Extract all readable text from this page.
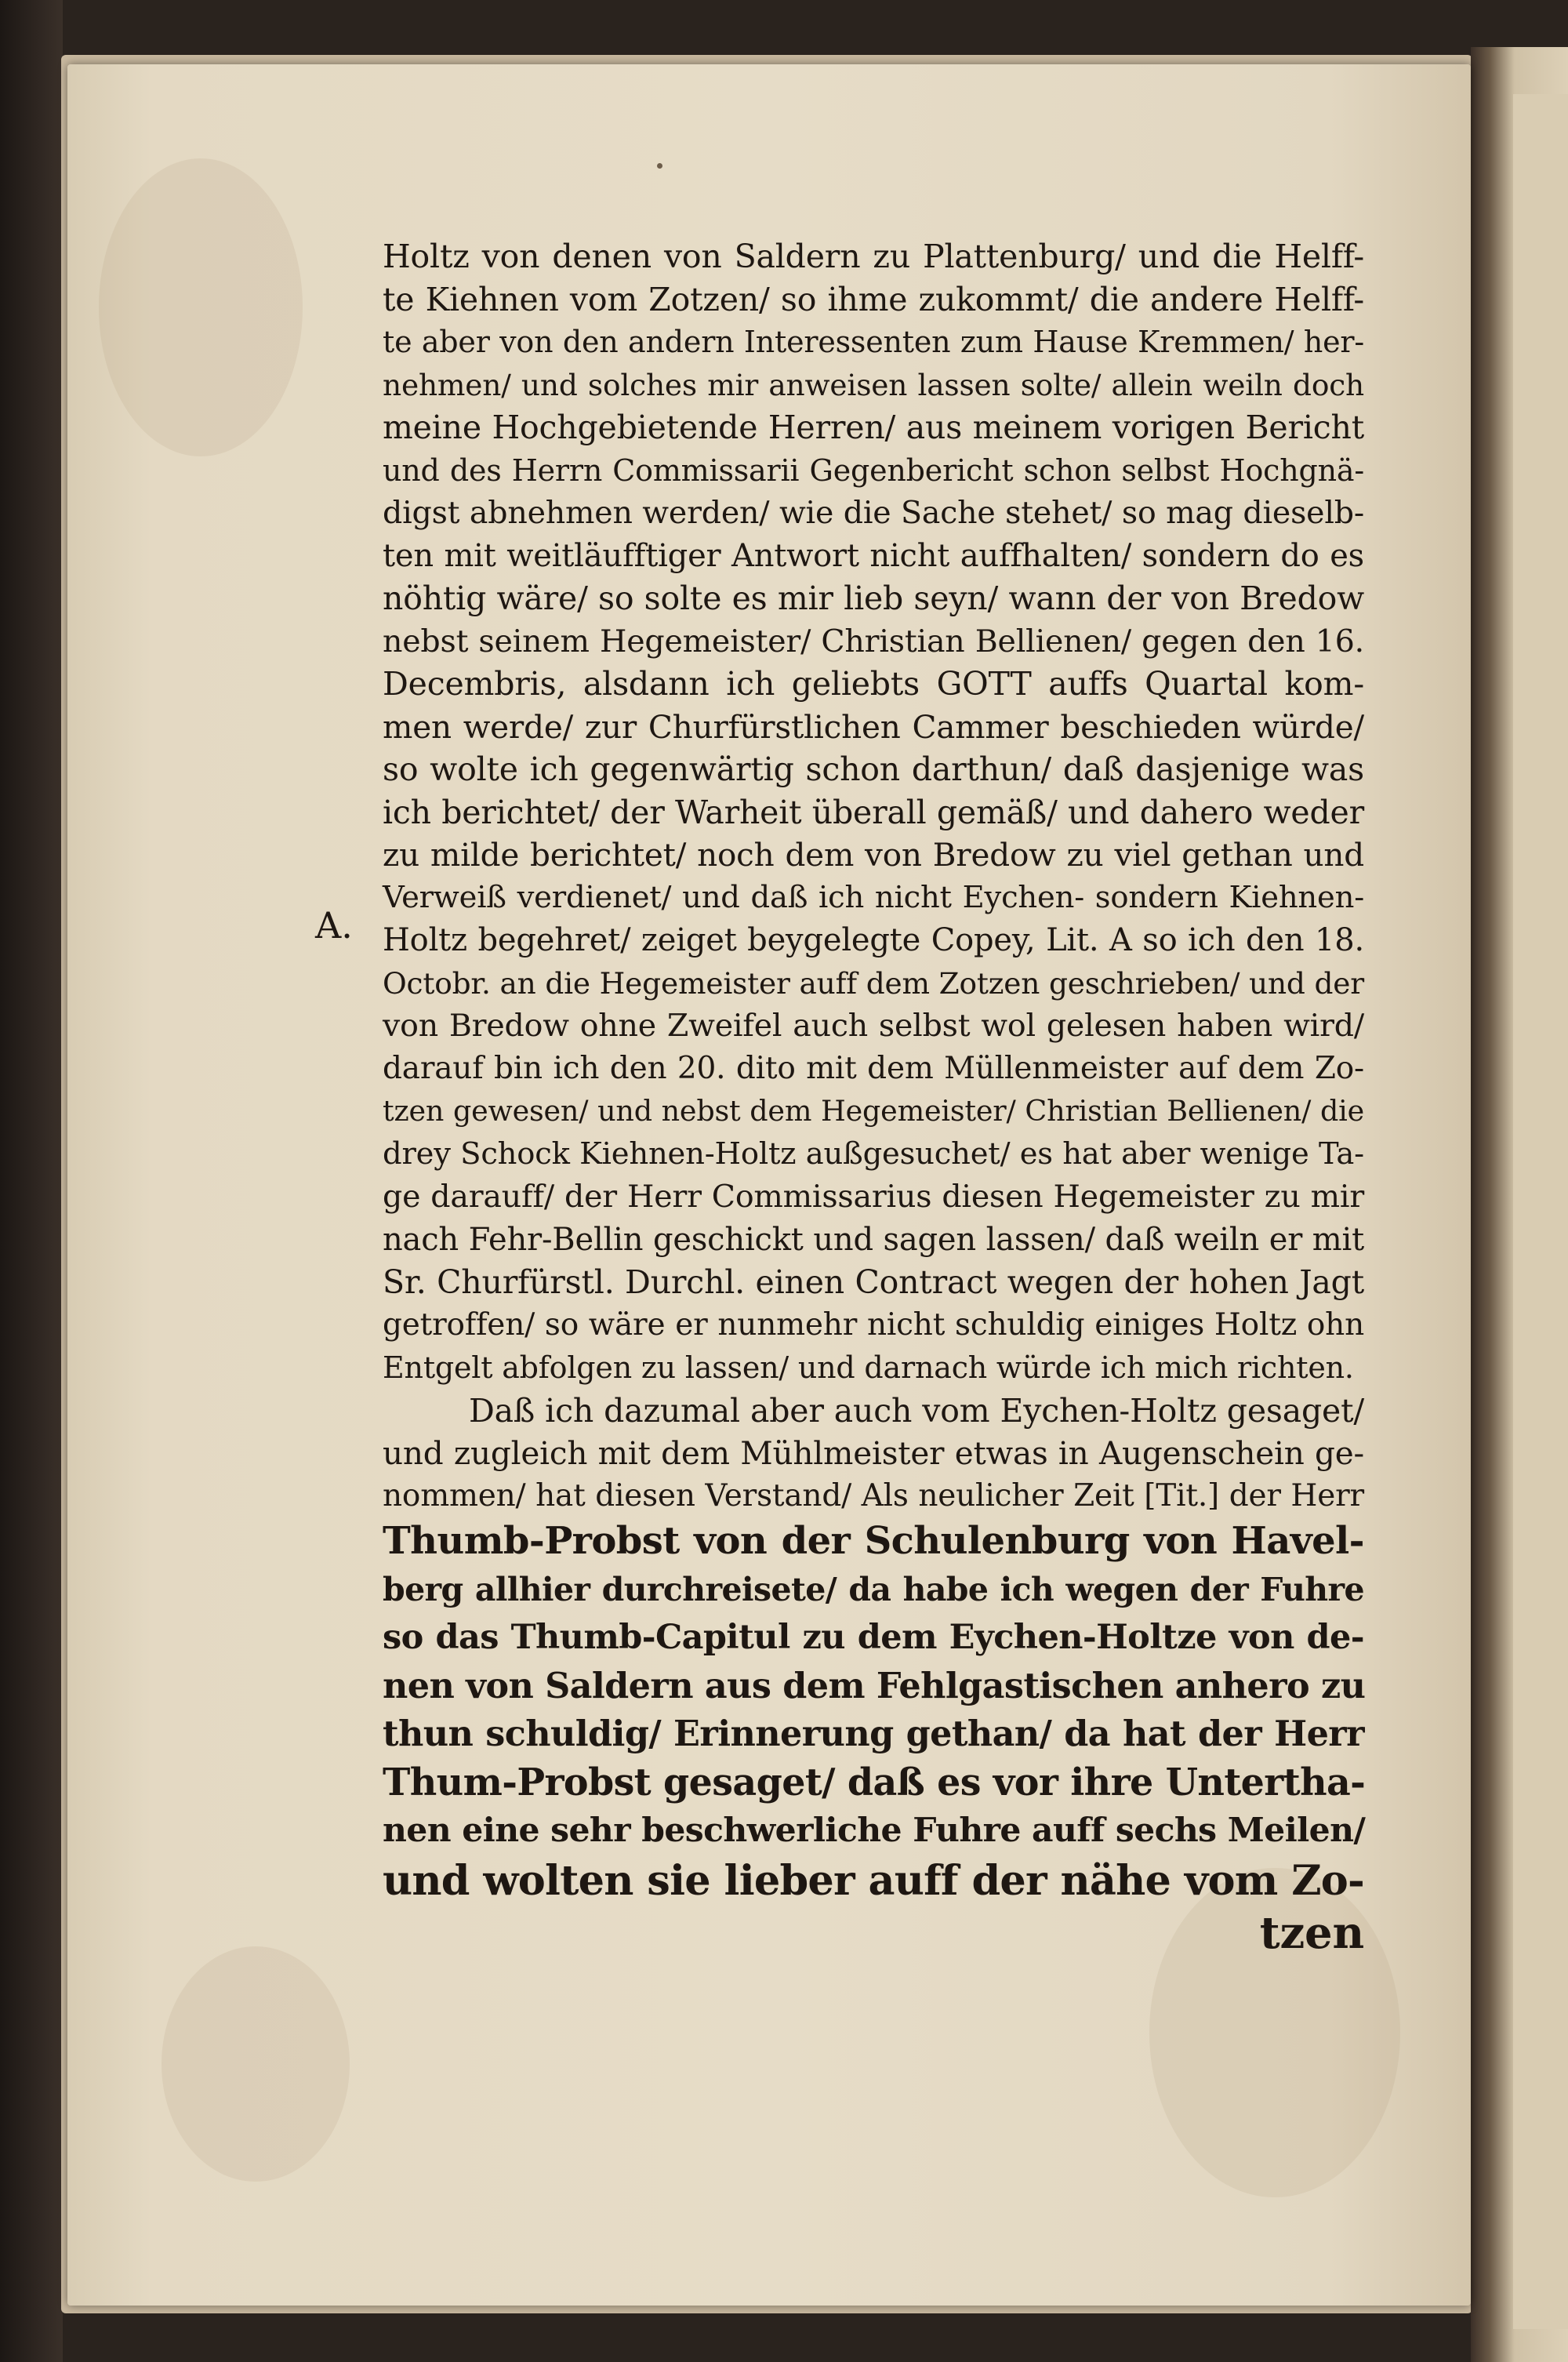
A.
Holtz von denen von Saldern zu Plattenburg/ und die Helff-
te Kiehnen vom Zotzen/ so ihme zukommt/ die andere Helff-
te aber von den andern Interessenten zum Hause Kremmen/ her-
nehmen/ und solches mir anweisen lassen solte/ allein weiln doch
meine Hochgebietende Herren/ aus meinem vorigen Bericht
und des Herrn Commissarii Gegenbericht schon selbst Hochgnä-
digst abnehmen werden/ wie die Sache stehet/ so mag dieselb-
ten mit weitläufftiger Antwort nicht auffhalten/ sondern do es
nöhtig wäre/ so solte es mir lieb seyn/ wann der von Bredow
nebst seinem Hegemeister/ Christian Bellienen/ gegen den 16.
Decembris, alsdann ich geliebts GOTT auffs Quartal kom-
men werde/ zur Churfürstlichen Cammer beschieden würde/
so wolte ich gegenwärtig schon darthun/ daß dasjenige was
ich berichtet/ der Warheit überall gemäß/ und dahero weder
zu milde berichtet/ noch dem von Bredow zu viel gethan und
Verweiß verdienet/ und daß ich nicht Eychen- sondern Kiehnen-
Holtz begehret/ zeiget beygelegte Copey, Lit. A so ich den 18.
Octobr. an die Hegemeister auff dem Zotzen geschrieben/ und der
von Bredow ohne Zweifel auch selbst wol gelesen haben wird/
darauf bin ich den 20. dito mit dem Müllenmeister auf dem Zo-
tzen gewesen/ und nebst dem Hegemeister/ Christian Bellienen/ die
drey Schock Kiehnen-Holtz außgesuchet/ es hat aber wenige Ta-
ge darauff/ der Herr Commissarius diesen Hegemeister zu mir
nach Fehr-Bellin geschickt und sagen lassen/ daß weiln er mit
Sr. Churfürstl. Durchl. einen Contract wegen der hohen Jagt
getroffen/ so wäre er nunmehr nicht schuldig einiges Holtz ohn
Entgelt abfolgen zu lassen/ und darnach würde ich mich richten.
Daß ich dazumal aber auch vom Eychen-Holtz gesaget/
und zugleich mit dem Mühlmeister etwas in Augenschein ge-
nommen/ hat diesen Verstand/ Als neulicher Zeit [Tit.] der Herr
Thumb-Probst von der Schulenburg von Havel-
berg allhier durchreisete/ da habe ich wegen der Fuhre
so das Thumb-Capitul zu dem Eychen-Holtze von de-
nen von Saldern aus dem Fehlgastischen anhero zu
thun schuldig/ Erinnerung gethan/ da hat der Herr
Thum-Probst gesaget/ daß es vor ihre Untertha-
nen eine sehr beschwerliche Fuhre auff sechs Meilen/
und wolten sie lieber auff der nähe vom Zo-
tzen
